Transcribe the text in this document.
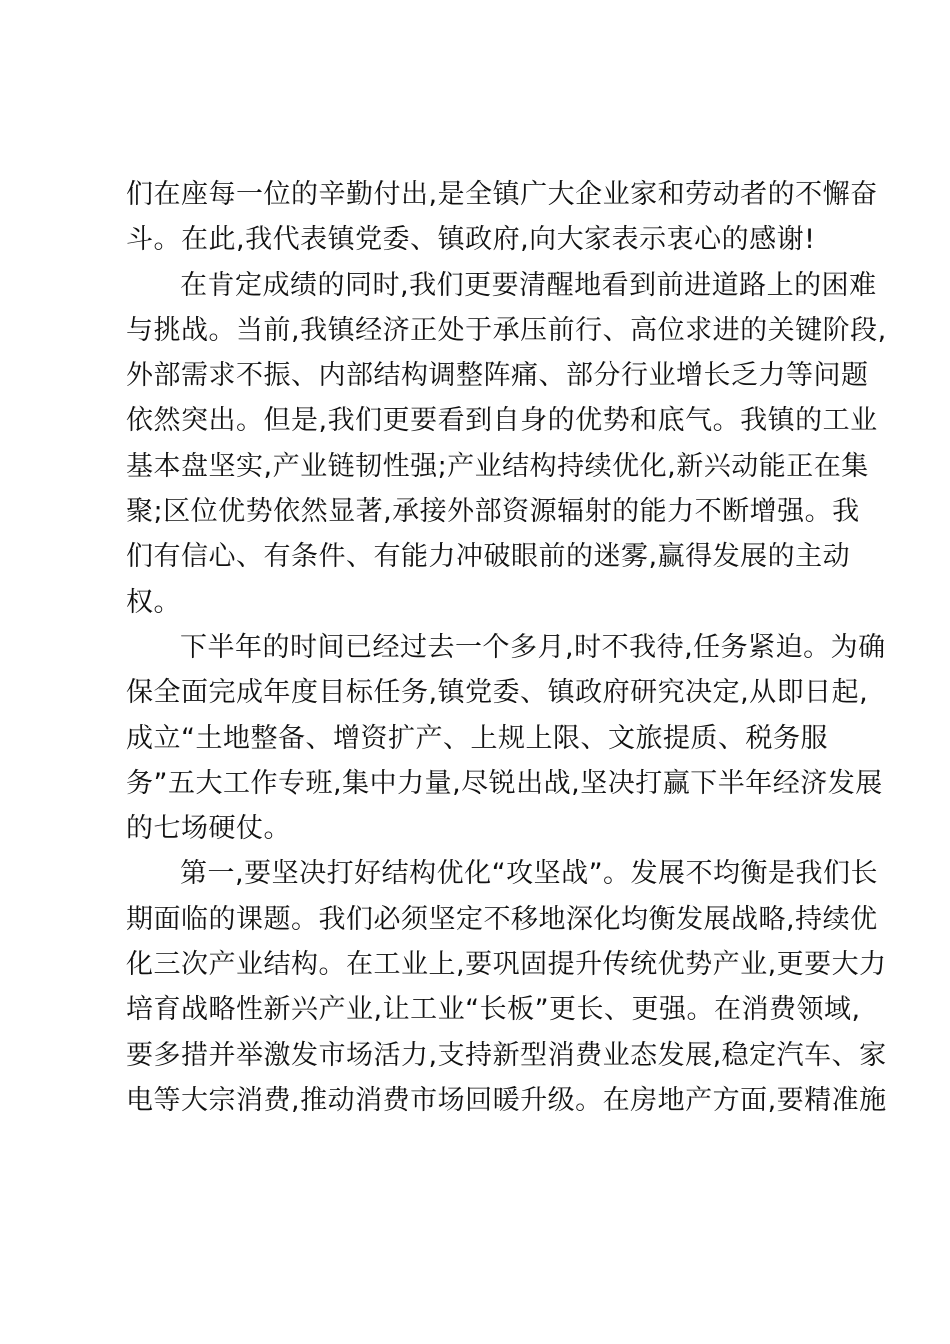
们在座每一位的辛勤付出,是全镇广大企业家和劳动者的不懈奋
斗。在此,我代表镇党委、镇政府,向大家表示衷心的感谢!
在肯定成绩的同时,我们更要清醒地看到前进道路上的困难
与挑战。当前,我镇经济正处于承压前行、高位求进的关键阶段,
外部需求不振、内部结构调整阵痛、部分行业增长乏力等问题
依然突出。但是,我们更要看到自身的优势和底气。我镇的工业
基本盘坚实,产业链韧性强;产业结构持续优化,新兴动能正在集
聚;区位优势依然显著,承接外部资源辐射的能力不断增强。我
们有信心、有条件、有能力冲破眼前的迷雾,赢得发展的主动
权。
下半年的时间已经过去一个多月,时不我待,任务紧迫。为确
保全面完成年度目标任务,镇党委、镇政府研究决定,从即日起,
成立“土地整备、增资扩产、上规上限、文旅提质、税务服
务”五大工作专班,集中力量,尽锐出战,坚决打赢下半年经济发展
的七场硬仗。
第一,要坚决打好结构优化“攻坚战”。发展不均衡是我们长
期面临的课题。我们必须坚定不移地深化均衡发展战略,持续优
化三次产业结构。在工业上,要巩固提升传统优势产业,更要大力
培育战略性新兴产业,让工业“长板”更长、更强。在消费领域,
要多措并举激发市场活力,支持新型消费业态发展,稳定汽车、家
电等大宗消费,推动消费市场回暖升级。在房地产方面,要精准施
